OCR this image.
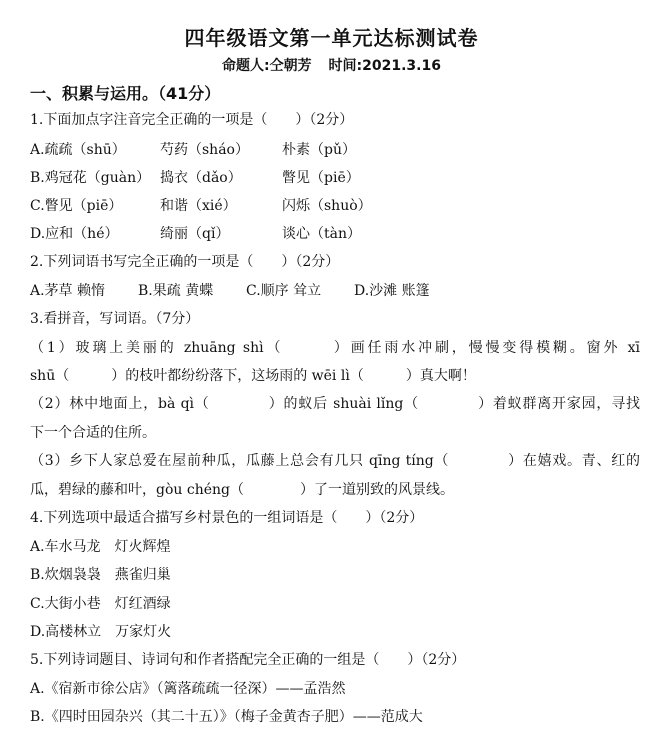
四年级语文第一单元达标测试卷
命题人:仝朝芳 时间:2021.3.16
一、积累与运用。（41分）
1.下面加点字注音完全正确的一项是（　　）（2分）
A.疏疏（shū） 芍药（sháo） 朴素（pǔ）
B.鸡冠花（guàn） 捣衣（dǎo）	瞥见（piē）
C.瞥见（piē）	和谐（xié）	闪烁（shuò）
D.应和（hé）	绮丽（qǐ）	谈心（tàn）
2.下列词语书写完全正确的一项是（　　）（2分）
A.茅草 赖惰 B.果疏 黄蝶 C.顺序 耸立 D.沙滩 账篷
3.看拼音，写词语。（7分）
（1）玻璃上美丽的 zhuāng shì（　　　）画任雨水冲刷，慢慢变得模糊。窗外 xī
shū（　　　）的枝叶都纷纷落下，这场雨的 wēi lì（　　　）真大啊！
（2）林中地面上，bà qì（　　　　）的蚁后 shuài lǐng（　　　　）着蚁群离开家园，寻找
下一个合适的住所。
（3）乡下人家总爱在屋前种瓜，瓜藤上总会有几只 qīng tíng（　　　　）在嬉戏。青、红的
瓜，碧绿的藤和叶，gòu chéng（　　　　）了一道别致的风景线。
4.下列选项中最适合描写乡村景色的一组词语是（　　）（2分）
A.车水马龙　灯火辉煌
B.炊烟袅袅　燕雀归巢
C.大街小巷　灯红酒绿
D.高楼林立　万家灯火
5.下列诗词题目、诗词句和作者搭配完全正确的一组是（　　）（2分）
A.《宿新市徐公店》（篱落疏疏一径深）——孟浩然
B.《四时田园杂兴（其二十五）》（梅子金黄杏子肥）——范成大
